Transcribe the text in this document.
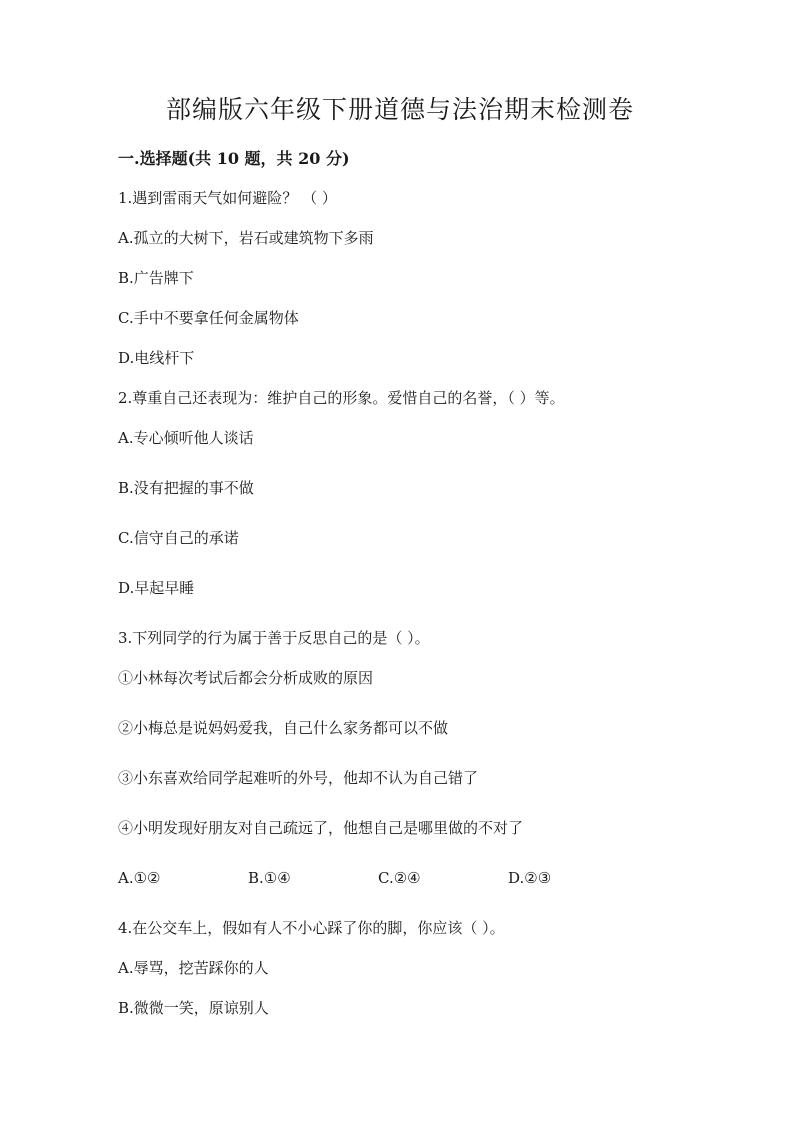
部编版六年级下册道德与法治期末检测卷
一.选择题(共 10 题，共 20 分)
1.遇到雷雨天气如何避险？ （ ）
A.孤立的大树下，岩石或建筑物下多雨
B.广告牌下
C.手中不要拿任何金属物体
D.电线杆下
2.尊重自己还表现为：维护自己的形象。爱惜自己的名誉，（ ）等。
A.专心倾听他人谈话
B.没有把握的事不做
C.信守自己的承诺
D.早起早睡
3.下列同学的行为属于善于反思自己的是（ ）。
①小林每次考试后都会分析成败的原因
②小梅总是说妈妈爱我，自己什么家务都可以不做
③小东喜欢给同学起难听的外号，他却不认为自己错了
④小明发现好朋友对自己疏远了，他想自己是哪里做的不对了
A.①②	B.①④	C.②④	D.②③
4.在公交车上，假如有人不小心踩了你的脚，你应该（ ）。
A.辱骂，挖苦踩你的人
B.微微一笑，原谅别人
